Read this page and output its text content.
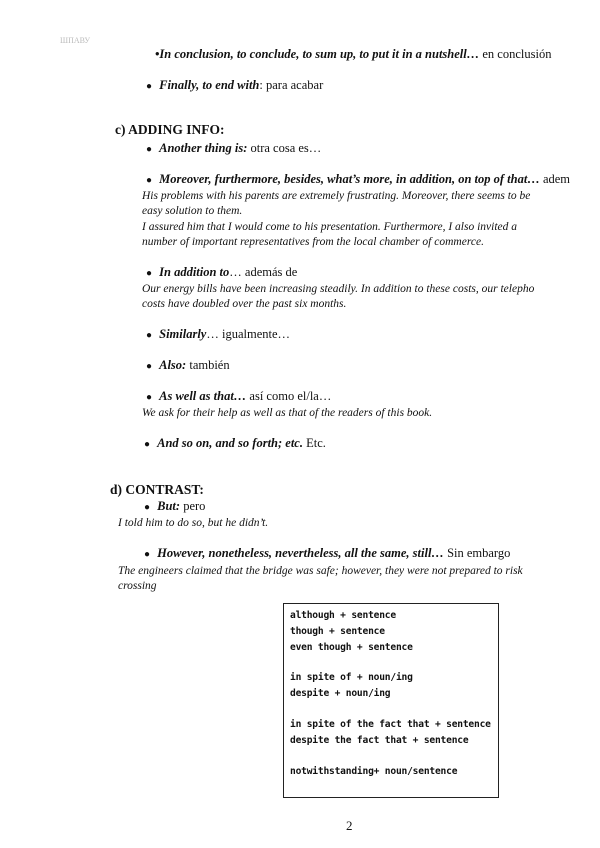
ШПАВУ
•In conclusion, to conclude, to sum up, to put it in a nutshell… en conclusión
● Finally, to end with: para acabar
c) ADDING INFO:
● Another thing is: otra cosa es…
● Moreover, furthermore, besides, what’s more, in addition, on top of that… adem
His problems with his parents are extremely frustrating. Moreover, there seems to be
easy solution to them.
I assured him that I would come to his presentation. Furthermore, I also invited a
number of important representatives from the local chamber of commerce.
● In addition to… además de
Our energy bills have been increasing steadily. In addition to these costs, our telepho
costs have doubled over the past six months.
● Similarly… igualmente…
● Also: también
● As well as that… así como el/la…
We ask for their help as well as that of the readers of this book.
● And so on, and so forth; etc. Etc.
d) CONTRAST:
● But: pero
I told him to do so, but he didn’t.
● However, nonetheless, nevertheless, all the same, still… Sin embargo
The engineers claimed that the bridge was safe; however, they were not prepared to risk
crossing
although + sentence
though + sentence
even though + sentence
in spite of + noun/ing
despite + noun/ing
in spite of the fact that + sentence
despite the fact that + sentence
notwithstanding+ noun/sentence
2
